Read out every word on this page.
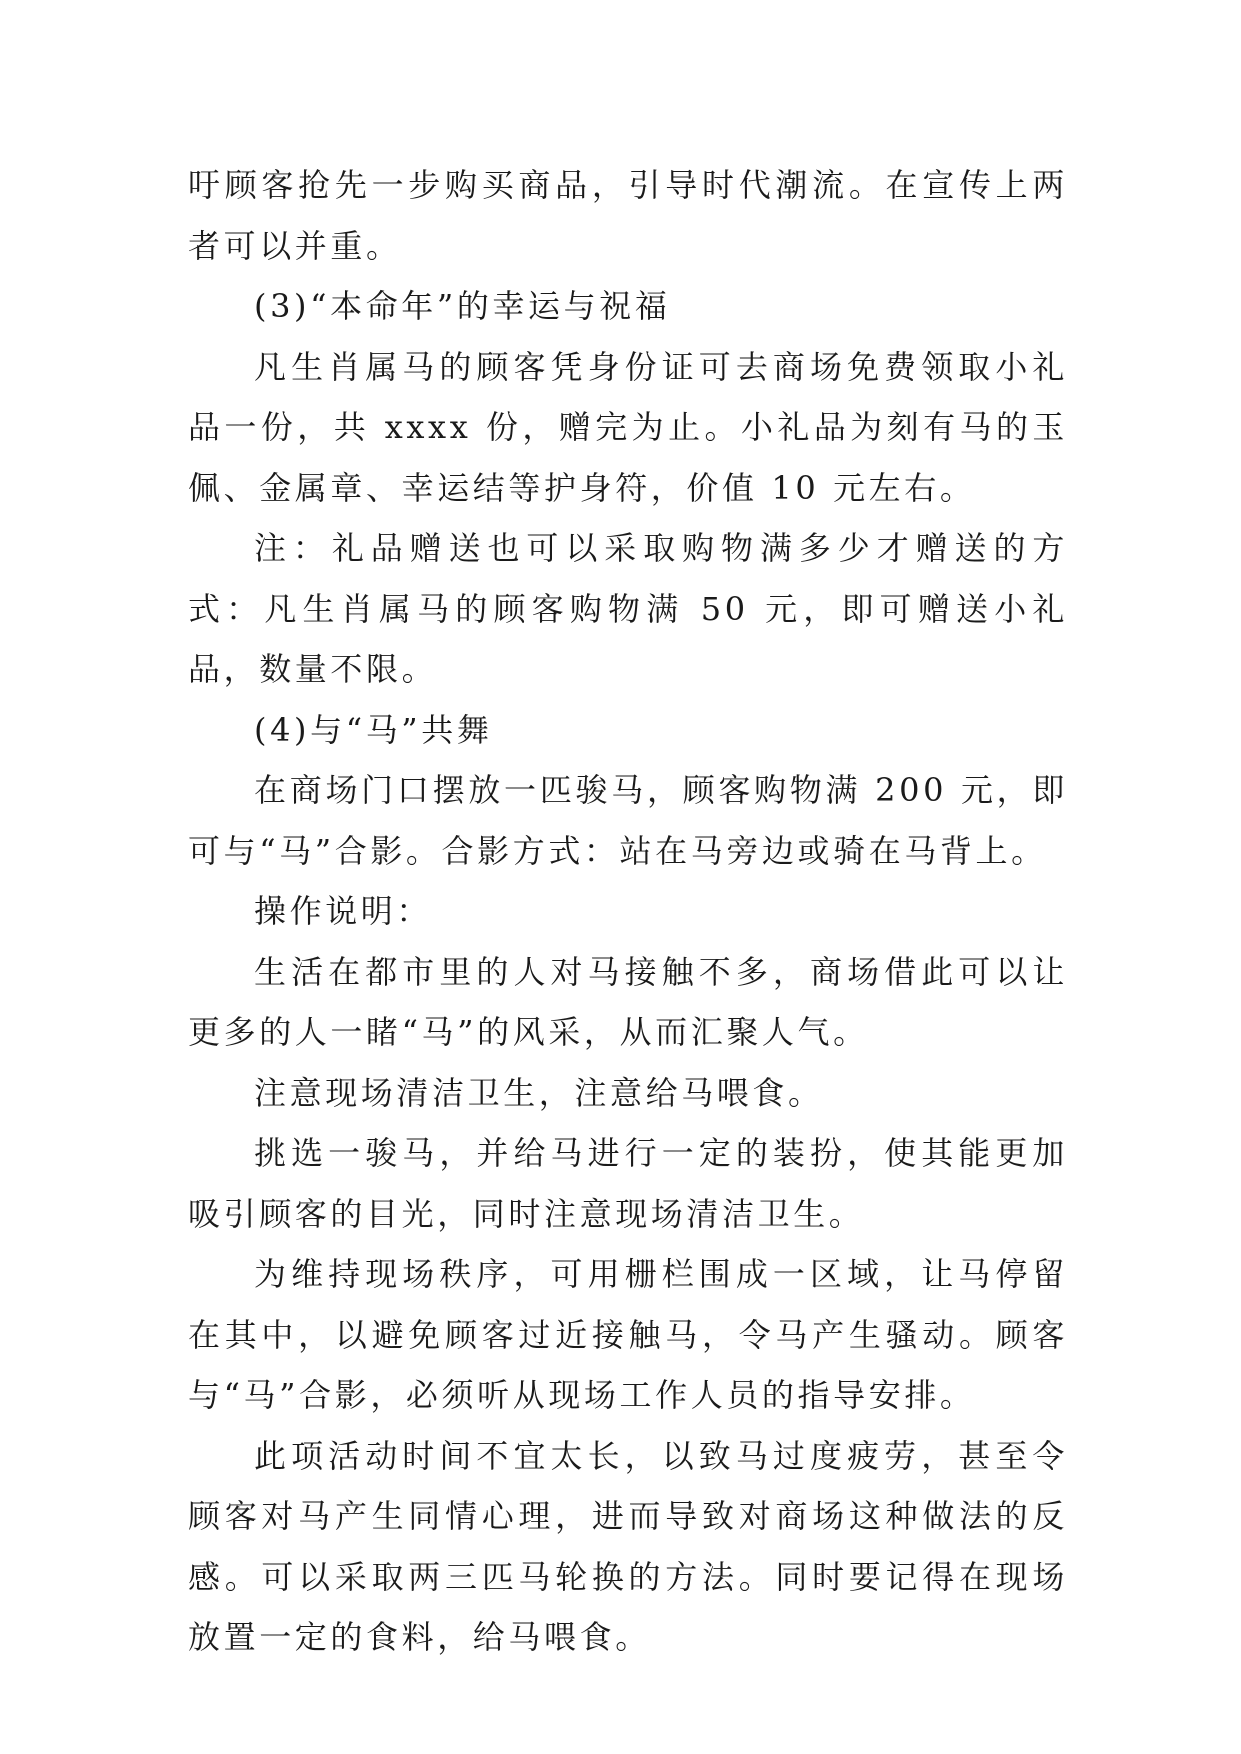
吁顾客抢先一步购买商品，引导时代潮流。在宣传上两者可以并重。

(3)“本命年”的幸运与祝福

凡生肖属马的顾客凭身份证可去商场免费领取小礼品一份，共 xxxx 份，赠完为止。小礼品为刻有马的玉佩、金属章、幸运结等护身符，价值 10 元左右。

注：礼品赠送也可以采取购物满多少才赠送的方式：凡生肖属马的顾客购物满 50 元，即可赠送小礼品，数量不限。

(4)与“马”共舞

在商场门口摆放一匹骏马，顾客购物满 200 元，即可与“马”合影。合影方式：站在马旁边或骑在马背上。

操作说明：

生活在都市里的人对马接触不多，商场借此可以让更多的人一睹“马”的风采，从而汇聚人气。

注意现场清洁卫生，注意给马喂食。

挑选一骏马，并给马进行一定的装扮，使其能更加吸引顾客的目光，同时注意现场清洁卫生。

为维持现场秩序，可用栅栏围成一区域，让马停留在其中，以避免顾客过近接触马，令马产生骚动。顾客与“马”合影，必须听从现场工作人员的指导安排。

此项活动时间不宜太长，以致马过度疲劳，甚至令顾客对马产生同情心理，进而导致对商场这种做法的反感。可以采取两三匹马轮换的方法。同时要记得在现场放置一定的食料，给马喂食。
